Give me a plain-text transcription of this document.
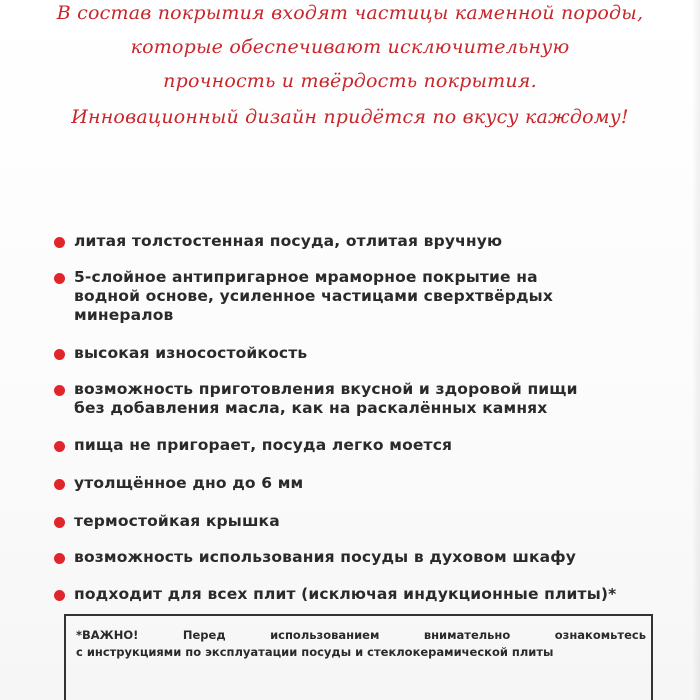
В состав покрытия входят частицы каменной породы,
которые обеспечивают исключительную
прочность и твёрдость покрытия.
Инновационный дизайн придётся по вкусу каждому!
литая толстостенная посуда, отлитая вручную
5-слойное антипригарное мраморное покрытие на
водной основе, усиленное частицами сверхтвёрдых
минералов
высокая износостойкость
возможность приготовления вкусной и здоровой пищи
без добавления масла, как на раскалённых камнях
пища не пригорает, посуда легко моется
утолщённое дно до 6 мм
термостойкая крышка
возможность использования посуды в духовом шкафу
подходит для всех плит (исключая индукционные плиты)*
*ВАЖНО! Перед использованием внимательно ознакомьтесь
с инструкциями по эксплуатации посуды и стеклокерамической плиты
